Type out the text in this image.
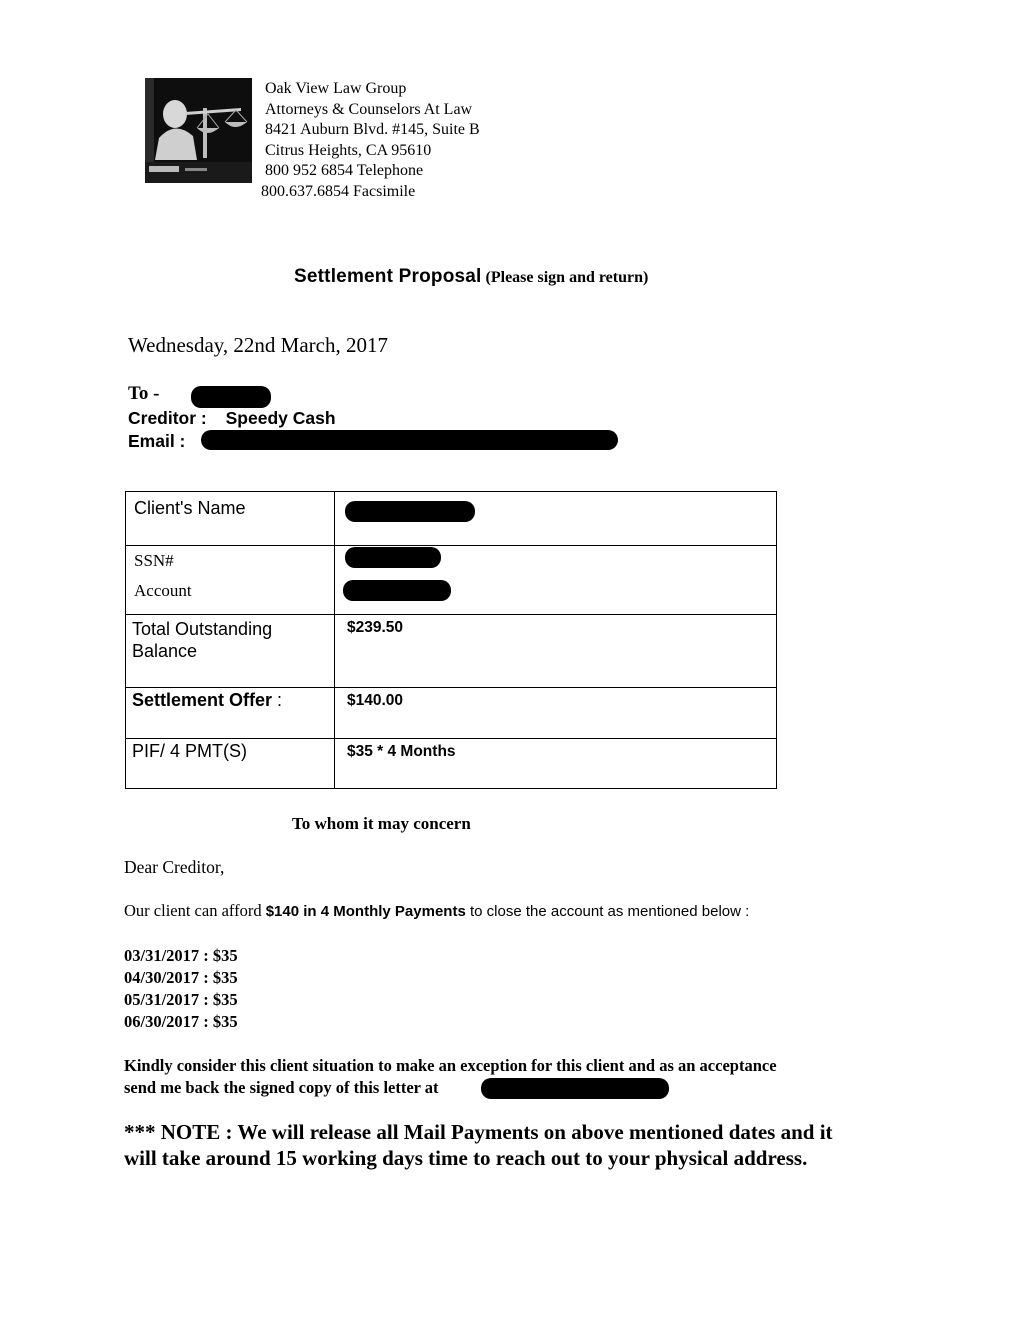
Oak View Law Group
Attorneys & Counselors At Law
8421 Auburn Blvd. #145, Suite B
Citrus Heights, CA 95610
800 952 6854 Telephone
800.637.6854 Facsimile
Settlement Proposal (Please sign and return)
Wednesday, 22nd March, 2017
To -
Creditor : Speedy Cash
Email :
Client's Name
SSN#
Account
Total Outstanding
Balance
$239.50
Settlement Offer :	$140.00
PIF/ 4 PMT(S)	$35 * 4 Months
To whom it may concern
Dear Creditor,
Our client can afford $140 in 4 Monthly Payments to close the account as mentioned below :
03/31/2017 : $35
04/30/2017 : $35
05/31/2017 : $35
06/30/2017 : $35
Kindly consider this client situation to make an exception for this client and as an acceptance
send me back the signed copy of this letter at
*** NOTE : We will release all Mail Payments on above mentioned dates and it
will take around 15 working days time to reach out to your physical address.
